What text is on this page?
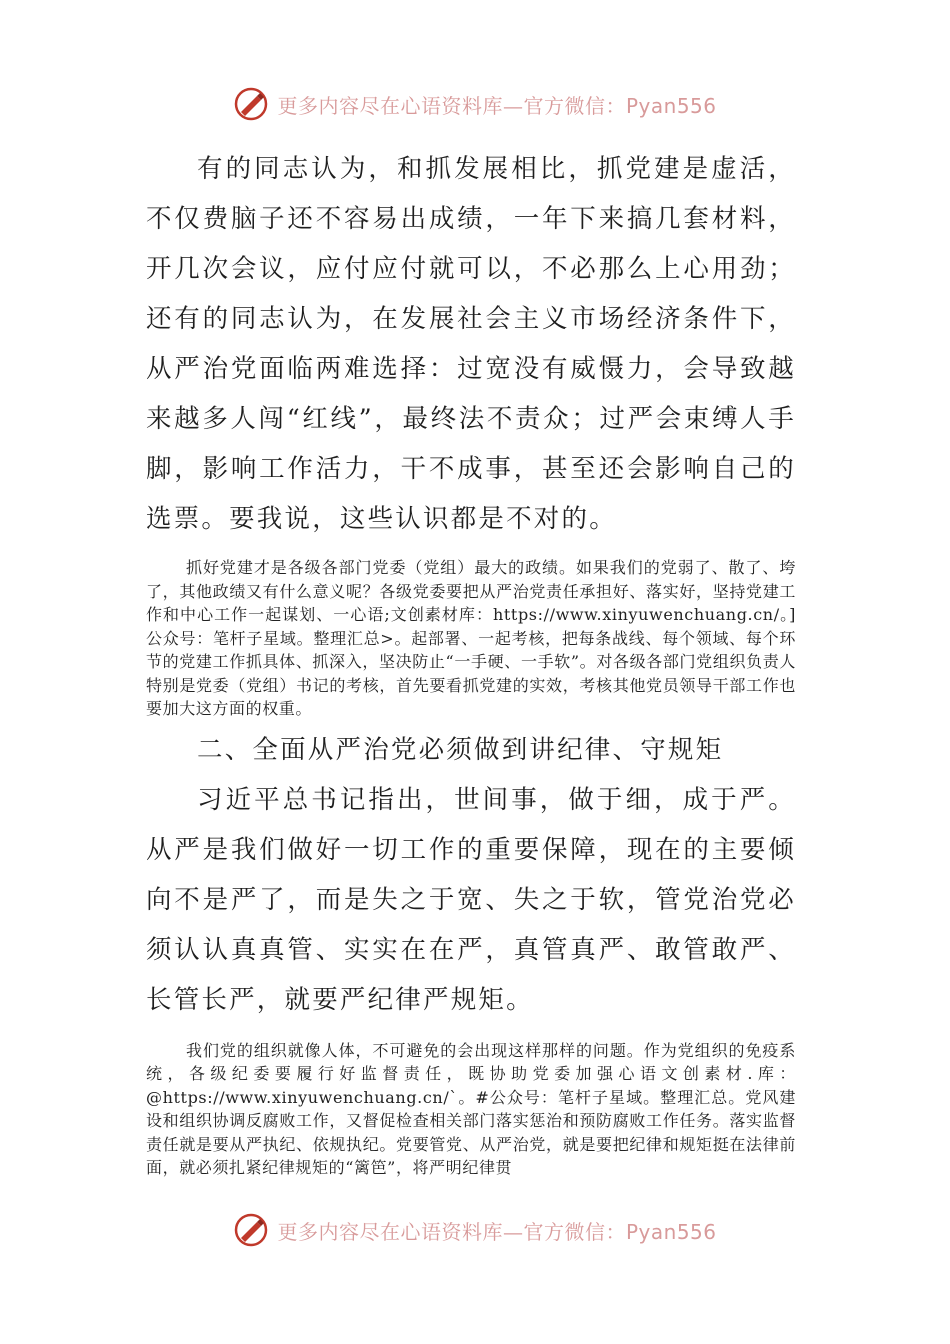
更多内容尽在心语资料库—官方微信：Pyan556

有的同志认为，和抓发展相比，抓党建是虚活，不仅费脑子还不容易出成绩，一年下来搞几套材料，开几次会议，应付应付就可以，不必那么上心用劲；还有的同志认为，在发展社会主义市场经济条件下，从严治党面临两难选择：过宽没有威慑力，会导致越来越多人闯“红线”，最终法不责众；过严会束缚人手脚，影响工作活力，干不成事，甚至还会影响自己的选票。要我说，这些认识都是不对的。

抓好党建才是各级各部门党委（党组）最大的政绩。如果我们的党弱了、散了、垮了，其他政绩又有什么意义呢？各级党委要把从严治党责任承担好、落实好，坚持党建工作和中心工作一起谋划、一心语;文创素材库：https://www.xinyuwenchuang.cn/。]公众号：笔杆子星域。整理汇总>。起部署、一起考核，把每条战线、每个领域、每个环节的党建工作抓具体、抓深入，坚决防止“一手硬、一手软”。对各级各部门党组织负责人特别是党委（党组）书记的考核，首先要看抓党建的实效，考核其他党员领导干部工作也要加大这方面的权重。

二、全面从严治党必须做到讲纪律、守规矩

习近平总书记指出，世间事，做于细，成于严。从严是我们做好一切工作的重要保障，现在的主要倾向不是严了，而是失之于宽、失之于软，管党治党必须认认真真管、实实在在严，真管真严、敢管敢严、长管长严，就要严纪律严规矩。

我们党的组织就像人体，不可避免的会出现这样那样的问题。作为党组织的免疫系统，各级纪委要履行好监督责任，既协助党委加强心语文创素材.库：@https://www.xinyuwenchuang.cn/`。#公众号：笔杆子星域。整理汇总。党风建设和组织协调反腐败工作，又督促检查相关部门落实惩治和预防腐败工作任务。落实监督责任就是要从严执纪、依规执纪。党要管党、从严治党，就是要把纪律和规矩挺在法律前面，就必须扎紧纪律规矩的“篱笆”，将严明纪律贯

更多内容尽在心语资料库—官方微信：Pyan556
